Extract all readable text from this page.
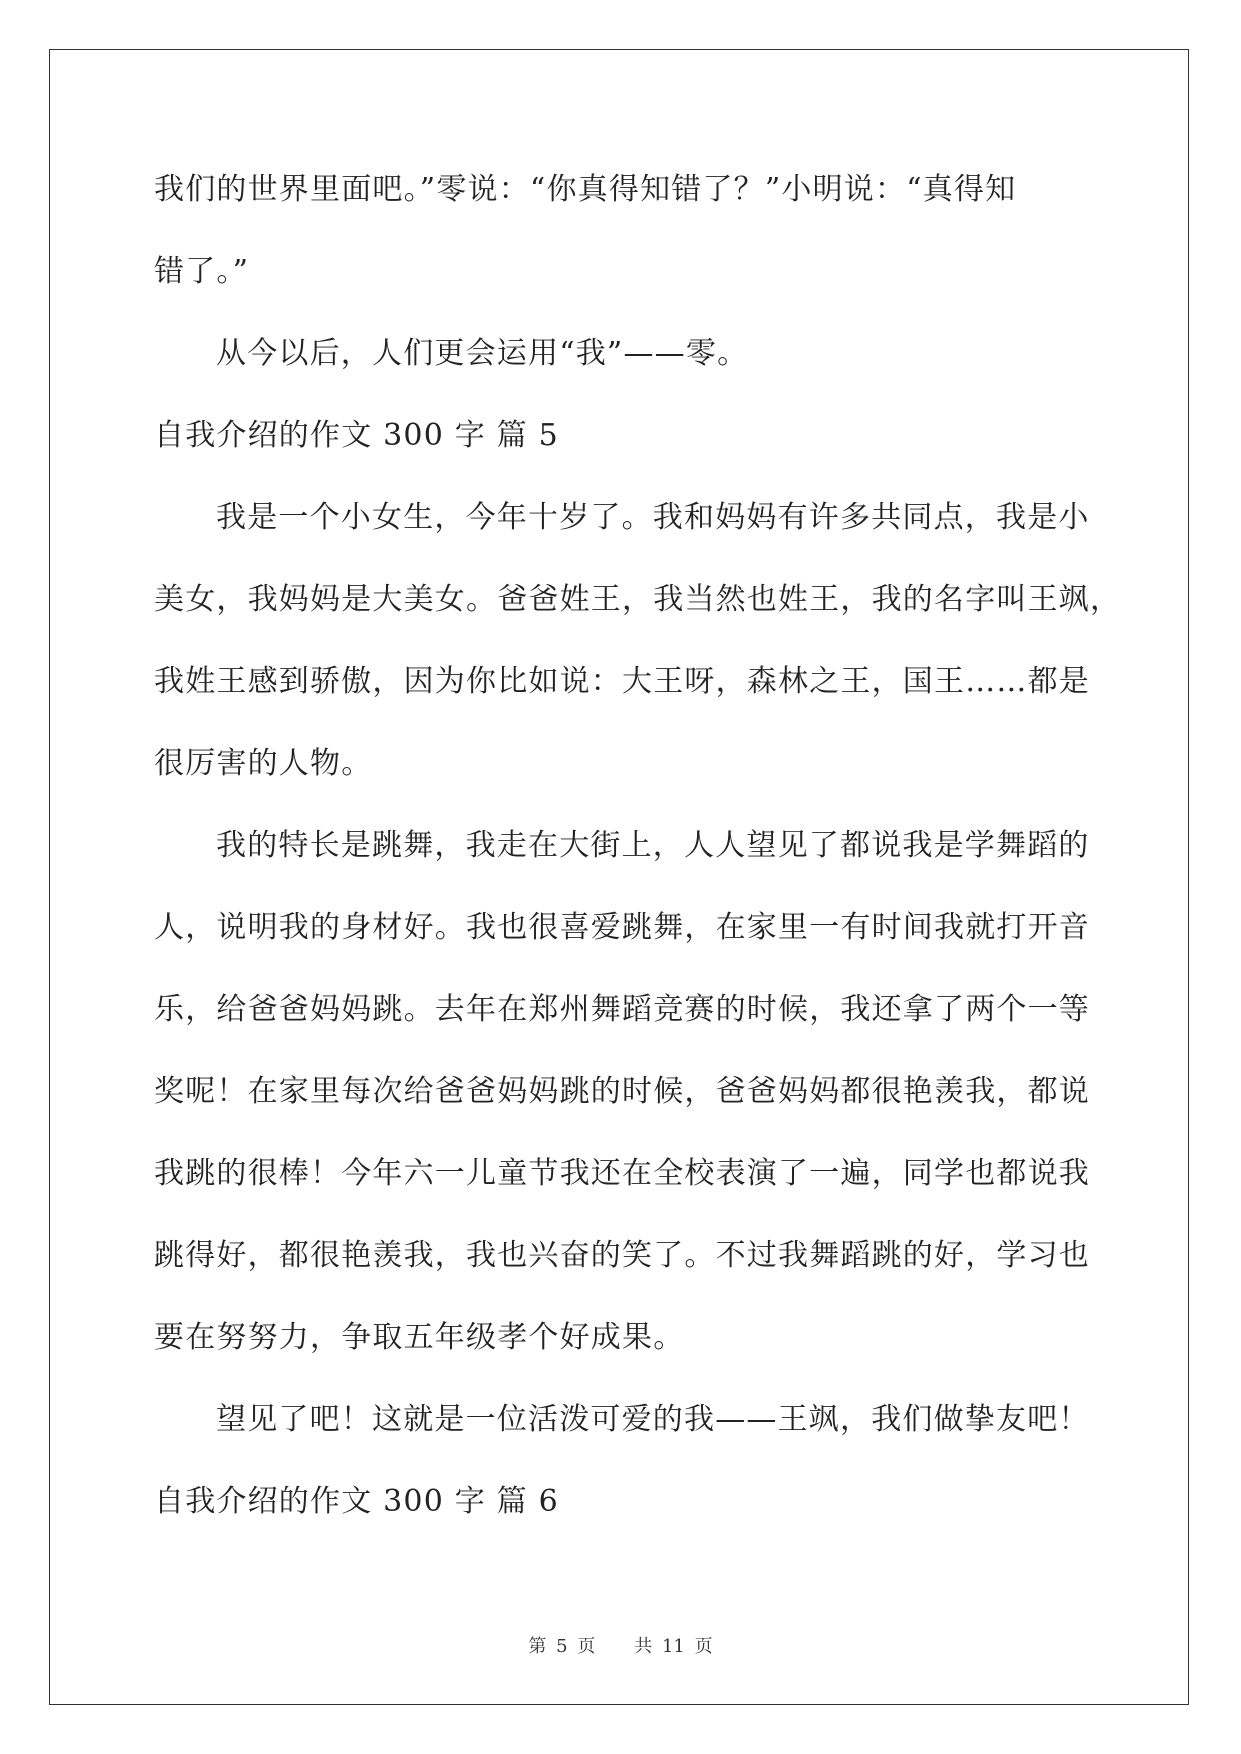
我们的世界里面吧。”零说：“你真得知错了？”小明说：“真得知
错了。”
从今以后，人们更会运用“我”——零。
自我介绍的作文 300 字 篇 5
我是一个小女生，今年十岁了。我和妈妈有许多共同点，我是小
美女，我妈妈是大美女。爸爸姓王，我当然也姓王，我的名字叫王飒，
我姓王感到骄傲，因为你比如说：大王呀，森林之王，国王……都是
很厉害的人物。
我的特长是跳舞，我走在大街上，人人望见了都说我是学舞蹈的
人，说明我的身材好。我也很喜爱跳舞，在家里一有时间我就打开音
乐，给爸爸妈妈跳。去年在郑州舞蹈竞赛的时候，我还拿了两个一等
奖呢！在家里每次给爸爸妈妈跳的时候，爸爸妈妈都很艳羡我，都说
我跳的很棒！今年六一儿童节我还在全校表演了一遍，同学也都说我
跳得好，都很艳羡我，我也兴奋的笑了。不过我舞蹈跳的好，学习也
要在努努力，争取五年级孝个好成果。
望见了吧！这就是一位活泼可爱的我——王飒，我们做挚友吧！
自我介绍的作文 300 字 篇 6
第 5 页 共 11 页
